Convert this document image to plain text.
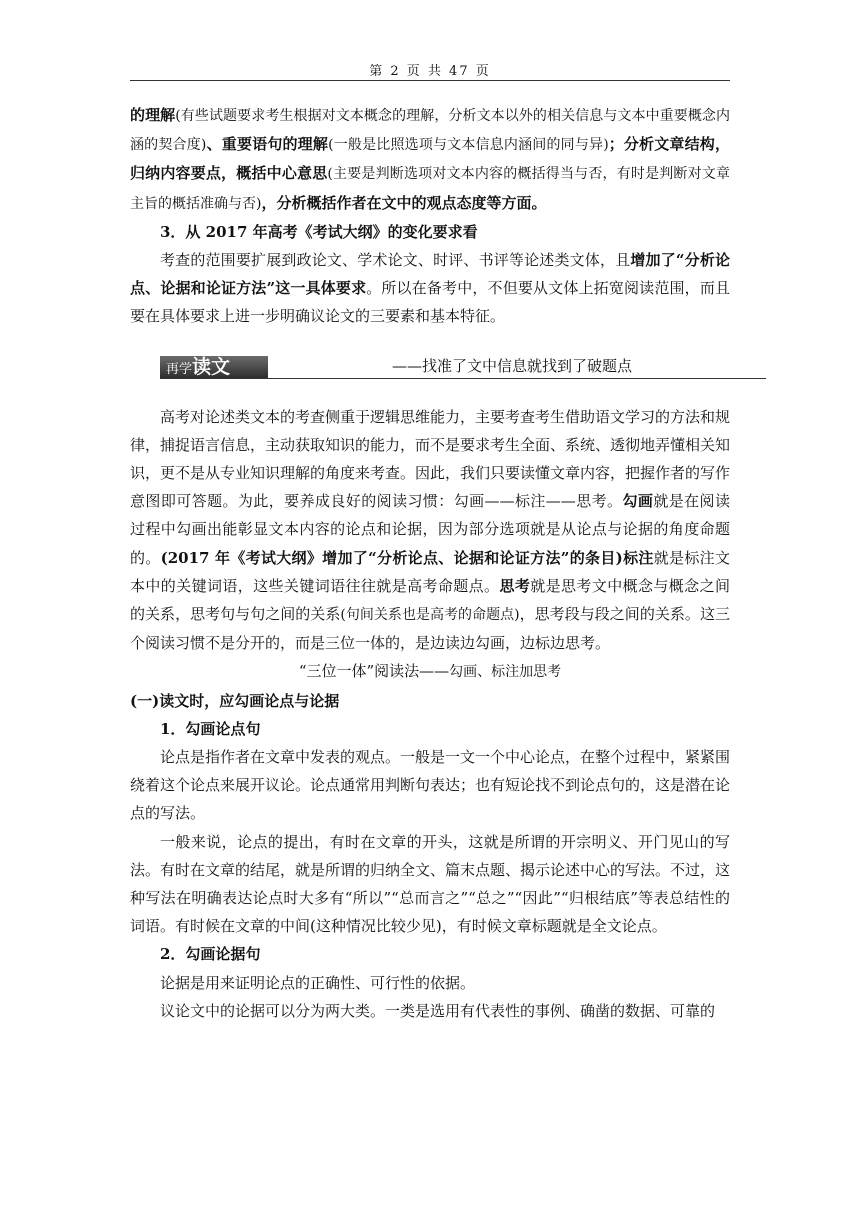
第 2 页 共 47 页

的理解(有些试题要求考生根据对文本概念的理解，分析文本以外的相关信息与文本中重要概念内涵的契合度)、重要语句的理解(一般是比照选项与文本信息内涵间的同与异)；分析文章结构，归纳内容要点，概括中心意思(主要是判断选项对文本内容的概括得当与否，有时是判断对文章主旨的概括准确与否)，分析概括作者在文中的观点态度等方面。

3．从 2017 年高考《考试大纲》的变化要求看

考查的范围要扩展到政论文、学术论文、时评、书评等论述类文体，且增加了“分析论点、论据和论证方法”这一具体要求。所以在备考中，不但要从文体上拓宽阅读范围，而且要在具体要求上进一步明确议论文的三要素和基本特征。

再学读文	——找准了文中信息就找到了破题点

高考对论述类文本的考查侧重于逻辑思维能力，主要考查考生借助语文学习的方法和规律，捕捉语言信息，主动获取知识的能力，而不是要求考生全面、系统、透彻地弄懂相关知识，更不是从专业知识理解的角度来考查。因此，我们只要读懂文章内容，把握作者的写作意图即可答题。为此，要养成良好的阅读习惯：勾画——标注——思考。勾画就是在阅读过程中勾画出能彰显文本内容的论点和论据，因为部分选项就是从论点与论据的角度命题的。(2017 年《考试大纲》增加了“分析论点、论据和论证方法”的条目)标注就是标注文本中的关键词语，这些关键词语往往就是高考命题点。思考就是思考文中概念与概念之间的关系，思考句与句之间的关系(句间关系也是高考的命题点)，思考段与段之间的关系。这三个阅读习惯不是分开的，而是三位一体的，是边读边勾画，边标边思考。

“三位一体”阅读法——勾画、标注加思考

(一)读文时，应勾画论点与论据

1．勾画论点句

论点是指作者在文章中发表的观点。一般是一文一个中心论点，在整个过程中，紧紧围绕着这个论点来展开议论。论点通常用判断句表达；也有短论找不到论点句的，这是潜在论点的写法。

一般来说，论点的提出，有时在文章的开头，这就是所谓的开宗明义、开门见山的写法。有时在文章的结尾，就是所谓的归纳全文、篇末点题、揭示论述中心的写法。不过，这种写法在明确表达论点时大多有“所以”“总而言之”“总之”“因此”“归根结底”等表总结性的词语。有时候在文章的中间(这种情况比较少见)，有时候文章标题就是全文论点。

2．勾画论据句

论据是用来证明论点的正确性、可行性的依据。

议论文中的论据可以分为两大类。一类是选用有代表性的事例、确凿的数据、可靠的
